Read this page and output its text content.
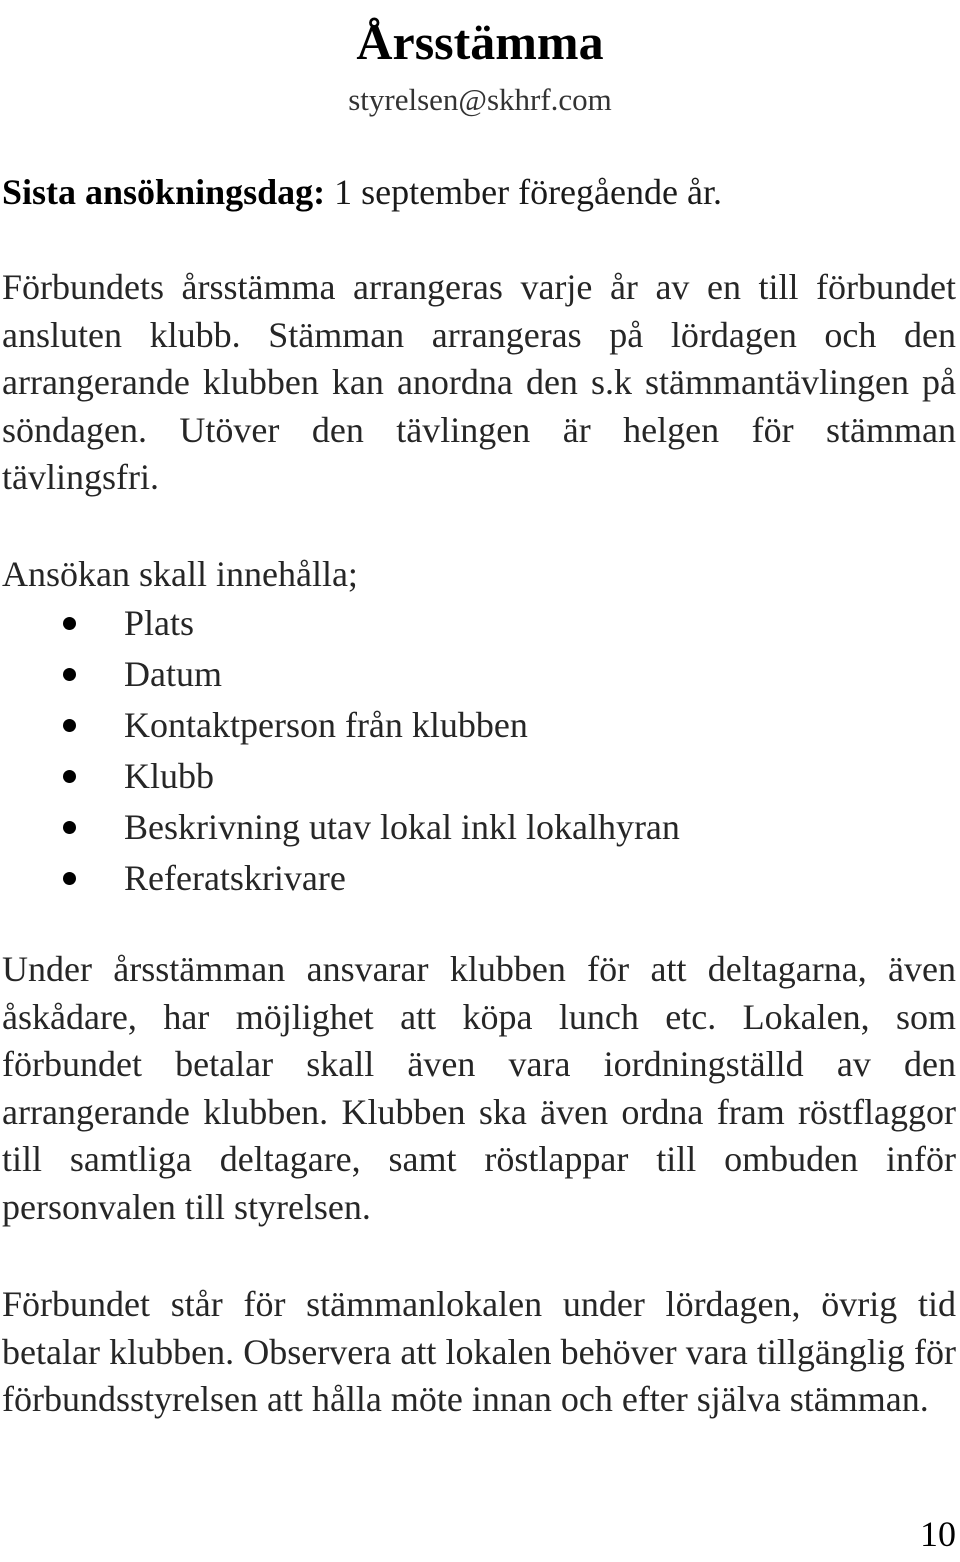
Årsstämma
styrelsen@skhrf.com
Sista ansökningsdag: 1 september föregående år.

Förbundets årsstämma arrangeras varje år av en till förbundet ansluten klubb. Stämman arrangeras på lördagen och den arrangerande klubben kan anordna den s.k stämmantävlingen på söndagen. Utöver den tävlingen är helgen för stämman tävlingsfri.

Ansökan skall innehålla;
Plats
Datum
Kontaktperson från klubben
Klubb
Beskrivning utav lokal inkl lokalhyran
Referatskrivare

Under årsstämman ansvarar klubben för att deltagarna, även åskådare, har möjlighet att köpa lunch etc. Lokalen, som förbundet betalar skall även vara iordningställd av den arrangerande klubben. Klubben ska även ordna fram röstflaggor till samtliga deltagare, samt röstlappar till ombuden inför personvalen till styrelsen.

Förbundet står för stämmanlokalen under lördagen, övrig tid betalar klubben. Observera att lokalen behöver vara tillgänglig för förbundsstyrelsen att hålla möte innan och efter själva stämman.

10
